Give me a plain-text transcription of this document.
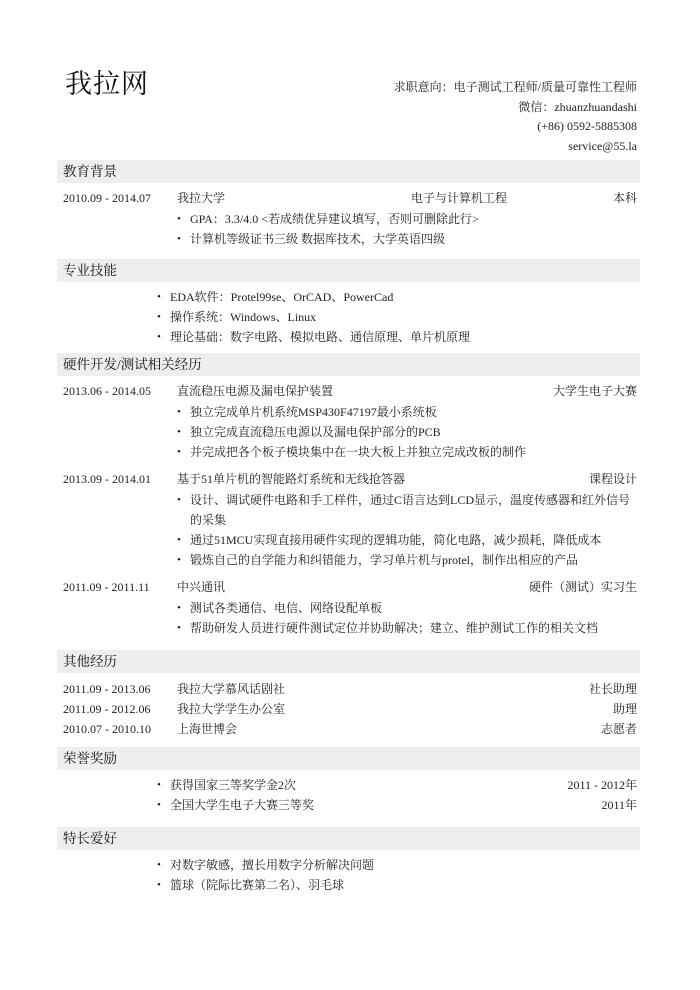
我拉网	求职意向：电子测试工程师/质量可靠性工程师
微信：zhuanzhuandashi
(+86) 0592-5885308
service@55.la
教育背景
2010.09 - 2014.07 我拉大学	电子与计算机工程	本科
• GPA：3.3/4.0 <若成绩优异建议填写，否则可删除此行>
• 计算机等级证书三级 数据库技术，大学英语四级
专业技能
• EDA软件：Protel99se、OrCAD、PowerCad
• 操作系统：Windows、Linux
• 理论基础：数字电路、模拟电路、通信原理、单片机原理
硬件开发/测试相关经历
2013.06 - 2014.05 直流稳压电源及漏电保护装置	大学生电子大赛
• 独立完成单片机系统MSP430F47197最小系统板
• 独立完成直流稳压电源以及漏电保护部分的PCB
• 并完成把各个板子模块集中在一块大板上并独立完成改板的制作
2013.09 - 2014.01 基于51单片机的智能路灯系统和无线抢答器	课程设计
• 设计、调试硬件电路和手工样件，通过C语言达到LCD显示，温度传感器和红外信号的采集
• 通过51MCU实现直接用硬件实现的逻辑功能，简化电路，减少损耗，降低成本
• 锻炼自己的自学能力和纠错能力，学习单片机与protel，制作出相应的产品
2011.09 - 2011.11 中兴通讯	硬件（测试）实习生
• 测试各类通信、电信、网络设配单板
• 帮助研发人员进行硬件测试定位并协助解决；建立、维护测试工作的相关文档
其他经历
2011.09 - 2013.06 我拉大学慕风话剧社	社长助理
2011.09 - 2012.06 我拉大学学生办公室	助理
2010.07 - 2010.10 上海世博会	志愿者
荣誉奖励
• 获得国家三等奖学金2次	2011 - 2012年
• 全国大学生电子大赛三等奖	2011年
特长爱好
• 对数字敏感，擅长用数字分析解决问题
• 篮球（院际比赛第二名）、羽毛球
